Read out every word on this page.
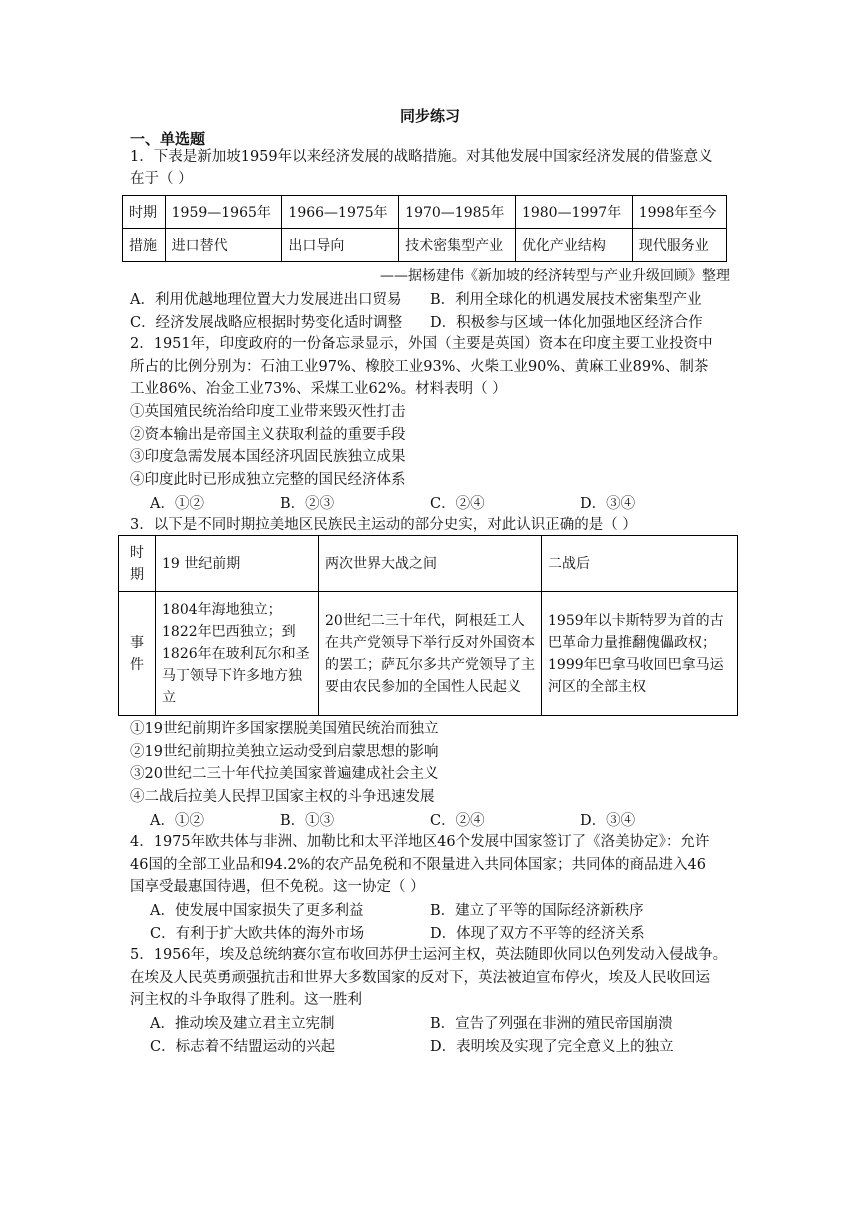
同步练习
一、单选题
1．下表是新加坡1959年以来经济发展的战略措施。对其他发展中国家经济发展的借鉴意义
在于（ ）
时期	1959—1965年	1966—1975年	1970—1985年	1980—1997年	1998年至今
措施	进口替代	出口导向	技术密集型产业	优化产业结构	现代服务业
——据杨建伟《新加坡的经济转型与产业升级回顾》整理
A．利用优越地理位置大力发展进出口贸易 B．利用全球化的机遇发展技术密集型产业
C．经济发展战略应根据时势变化适时调整 D．积极参与区域一体化加强地区经济合作
2．1951年，印度政府的一份备忘录显示，外国（主要是英国）资本在印度主要工业投资中
所占的比例分别为：石油工业97%、橡胶工业93%、火柴工业90%、黄麻工业89%、制茶
工业86%、冶金工业73%、采煤工业62%。材料表明（ ）
①英国殖民统治给印度工业带来毁灭性打击
②资本输出是帝国主义获取利益的重要手段
③印度急需发展本国经济巩固民族独立成果
④印度此时已形成独立完整的国民经济体系
A．①②	B．②③	C．②④	D．③④
3．以下是不同时期拉美地区民族民主运动的部分史实，对此认识正确的是（ ）
时期	19 世纪前期	两次世界大战之间	二战后
事件	1804年海地独立；1822年巴西独立；到1826年在玻利瓦尔和圣马丁领导下许多地方独立	20世纪二三十年代，阿根廷工人在共产党领导下举行反对外国资本的罢工；萨瓦尔多共产党领导了主要由农民参加的全国性人民起义	1959年以卡斯特罗为首的古巴革命力量推翻傀儡政权；1999年巴拿马收回巴拿马运河区的全部主权
①19世纪前期许多国家摆脱美国殖民统治而独立
②19世纪前期拉美独立运动受到启蒙思想的影响
③20世纪二三十年代拉美国家普遍建成社会主义
④二战后拉美人民捍卫国家主权的斗争迅速发展
A．①②	B．①③	C．②④	D．③④
4．1975年欧共体与非洲、加勒比和太平洋地区46个发展中国家签订了《洛美协定》：允许
46国的全部工业品和94.2%的农产品免税和不限量进入共同体国家；共同体的商品进入46
国享受最惠国待遇，但不免税。这一协定（ ）
A．使发展中国家损失了更多利益	B．建立了平等的国际经济新秩序
C．有利于扩大欧共体的海外市场	D．体现了双方不平等的经济关系
5．1956年，埃及总统纳赛尔宣布收回苏伊士运河主权，英法随即伙同以色列发动入侵战争。
在埃及人民英勇顽强抗击和世界大多数国家的反对下，英法被迫宣布停火，埃及人民收回运
河主权的斗争取得了胜利。这一胜利
A．推动埃及建立君主立宪制	B．宣告了列强在非洲的殖民帝国崩溃
C．标志着不结盟运动的兴起	D．表明埃及实现了完全意义上的独立
